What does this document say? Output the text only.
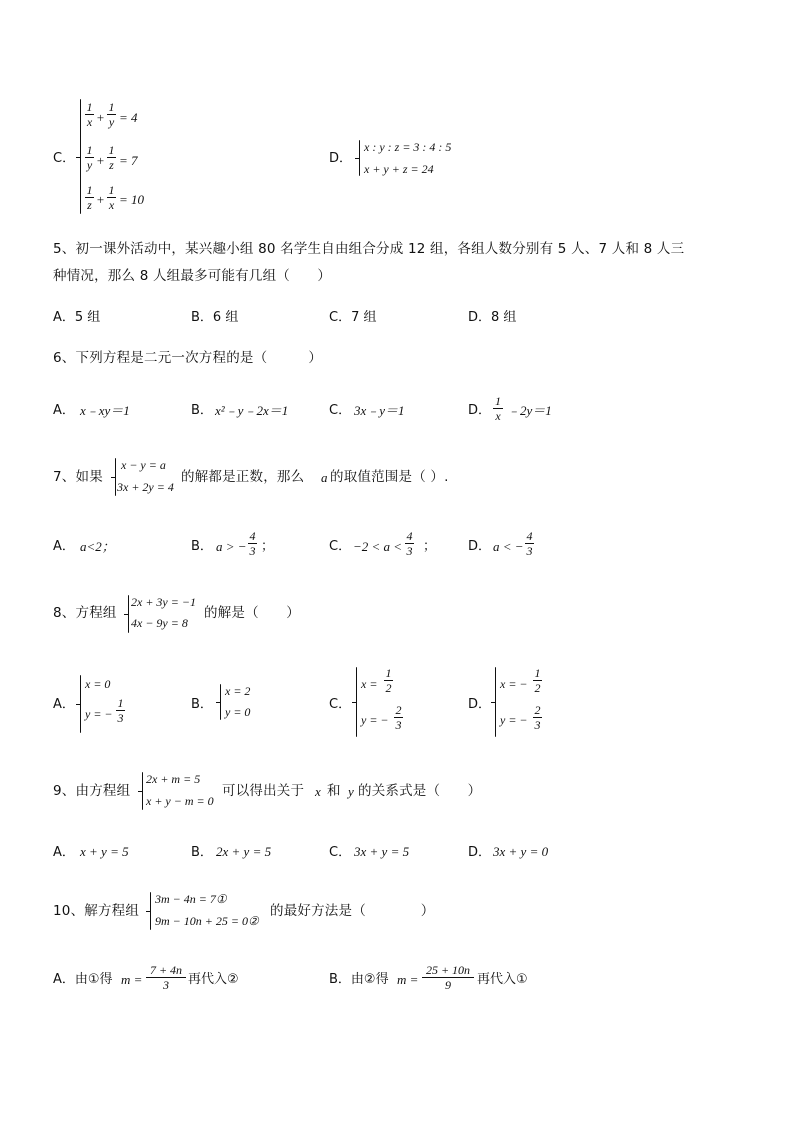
C．
1
x +
1
y = 4
1
y +
1
z = 7
1
z +
1
x = 10
D．
x : y : z = 3 : 4 : 5
x + y + z = 24
5、初一课外活动中，某兴趣小组 80 名学生自由组合分成 12 组，各组人数分别有 5 人、7 人和 8 人三
种情况，那么 8 人组最多可能有几组（　　）
A．5 组	B．6 组	C．7 组	D．8 组
6、下列方程是二元一次方程的是（　　　）
A． x﹣xy＝1	B． x²﹣y﹣2x＝1	C． 3x﹣y＝1	D．
1
x ﹣2y＝1
7、如果
x − y = a
3x + 2y = 4
的解都是正数，那么 a 的取值范围是（ ）.
A． a<2；	B． a > −
4
3 ；	C． −2 < a <
4
3 ； D． a < −
4
3
8、方程组
2x + 3y = −1
4x − 9y = 8
的解是（　　）
A．
x = 0
y = −
1
3
B．
x = 2
y = 0	C．
x =
1
2
y = −
2
3
D．
x = −
1
2
y = −
2
3
9、由方程组
2x + m = 5
x + y − m = 0
可以得出关于 x 和 y 的关系式是（　　）
A． x + y = 5	B． 2x + y = 5	C． 3x + y = 5	D． 3x + y = 0
10、解方程组
3m − 4n = 7①
9m − 10n + 25 = 0②
的最好方法是（　　　　）
A．由①得 m =
7 + 4n
3	再代入②	B．由②得 m =
25 + 10n
9	再代入①
